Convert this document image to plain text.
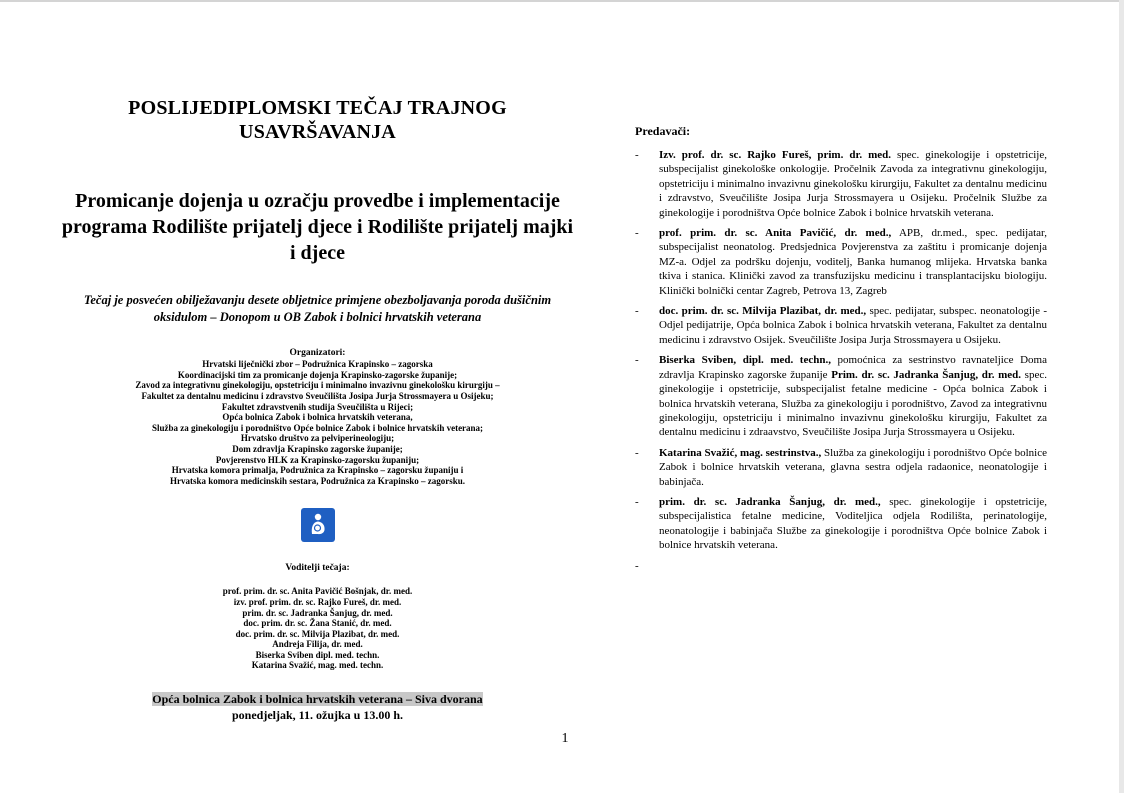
POSLIJEDIPLOMSKI TEČAJ TRAJNOG USAVRŠAVANJA

Promicanje dojenja u ozračju provedbe i implementacije programa Rodilište prijatelj djece i Rodilište prijatelj majki i djece

Tečaj je posvećen obilježavanju desete obljetnice primjene obezboljavanja poroda dušičnim oksidulom – Donopom u OB Zabok i bolnici hrvatskih veterana

Organizatori:

Hrvatski liječnički zbor – Podružnica Krapinsko – zagorska
Koordinacijski tim za promicanje dojenja Krapinsko-zagorske županije;
Zavod za integrativnu ginekologiju, opstetriciju i minimalno invazivnu ginekološku kirurgiju –
Fakultet za dentalnu medicinu i zdravstvo Sveučilišta Josipa Jurja Strossmayera u Osijeku;
Fakultet zdravstvenih studija Sveučilišta u Rijeci;
Opća bolnica Zabok i bolnica hrvatskih veterana,
Služba za ginekologiju i porodništvo Opće bolnice Zabok i bolnice hrvatskih veterana;
Hrvatsko društvo za pelviperineologiju;
Dom zdravlja Krapinsko zagorske županije;
Povjerenstvo HLK za Krapinsko-zagorsku županiju;
Hrvatska komora primalja, Podružnica za Krapinsko – zagorsku županiju i
Hrvatska komora medicinskih sestara, Podružnica za Krapinsko – zagorsku.

Voditelji tečaja:

prof. prim. dr. sc. Anita Pavičić Bošnjak, dr. med.
izv. prof. prim. dr. sc. Rajko Fureš, dr. med.
prim. dr. sc. Jadranka Šanjug, dr. med.
doc. prim. dr. sc. Žana Stanić, dr. med.
doc. prim. dr. sc. Milvija Plazibat, dr. med.
Andreja Filija, dr. med.
Biserka Sviben dipl. med. techn.
Katarina Svažić, mag. med. techn.

Opća bolnica Zabok i bolnica hrvatskih veterana – Siva dvorana

ponedjeljak, 11. ožujka u 13.00 h.

1

Predavači:

-	Izv. prof. dr. sc. Rajko Fureš, prim. dr. med. spec. ginekologije i opstetricije, subspecijalist ginekološke onkologije. Pročelnik Zavoda za integrativnu ginekologiju, opstetriciju i minimalno invazivnu ginekološku kirurgiju, Fakultet za dentalnu medicinu i zdravstvo, Sveučilište Josipa Jurja Strossmayera u Osijeku. Pročelnik Službe za ginekologije i porodništva Opće bolnice Zabok i bolnice hrvatskih veterana.
-	prof. prim. dr. sc. Anita Pavičić, dr. med., APB, dr.med., spec. pedijatar, subspecijalist neonatolog. Predsjednica Povjerenstva za zaštitu i promicanje dojenja MZ-a. Odjel za podršku dojenju, voditelj, Banka humanog mlijeka. Hrvatska banka tkiva i stanica. Klinički zavod za transfuzijsku medicinu i transplantacijsku biologiju. Klinički bolnički centar Zagreb, Petrova 13, Zagreb
-	doc. prim. dr. sc. Milvija Plazibat, dr. med., spec. pedijatar, subspec. neonatologije - Odjel pedijatrije, Opća bolnica Zabok i bolnica hrvatskih veterana, Fakultet za dentalnu medicinu i zdravstvo Osijek. Sveučilište Josipa Jurja Strossmayera u Osijeku.
-	Biserka Sviben, dipl. med. techn., pomoćnica za sestrinstvo ravnateljice Doma zdravlja Krapinsko zagorske županije Prim. dr. sc. Jadranka Šanjug, dr. med. spec. ginekologije i opstetricije, subspecijalist fetalne medicine - Opća bolnica Zabok i bolnica hrvatskih veterana, Služba za ginekologiju i porodništvo, Zavod za integrativnu ginekologiju, opstetriciju i minimalno invazivnu ginekološku kirurgiju, Fakultet za dentalnu medicinu i zdraavstvo, Sveučilište Josipa Jurja Strossmayera u Osijeku.
-	Katarina Svažić, mag. sestrinstva., Služba za ginekologiju i porodništvo Opće bolnice Zabok i bolnice hrvatskih veterana, glavna sestra odjela radaonice, neonatologije i babinjača.
-	prim. dr. sc. Jadranka Šanjug, dr. med., spec. ginekologije i opstetricije, subspecijalistica fetalne medicine, Voditeljica odjela Rodilišta, perinatologije, neonatologije i babinjača Službe za ginekologije i porodništva Opće bolnice Zabok i bolnice hrvatskih veterana.
-
